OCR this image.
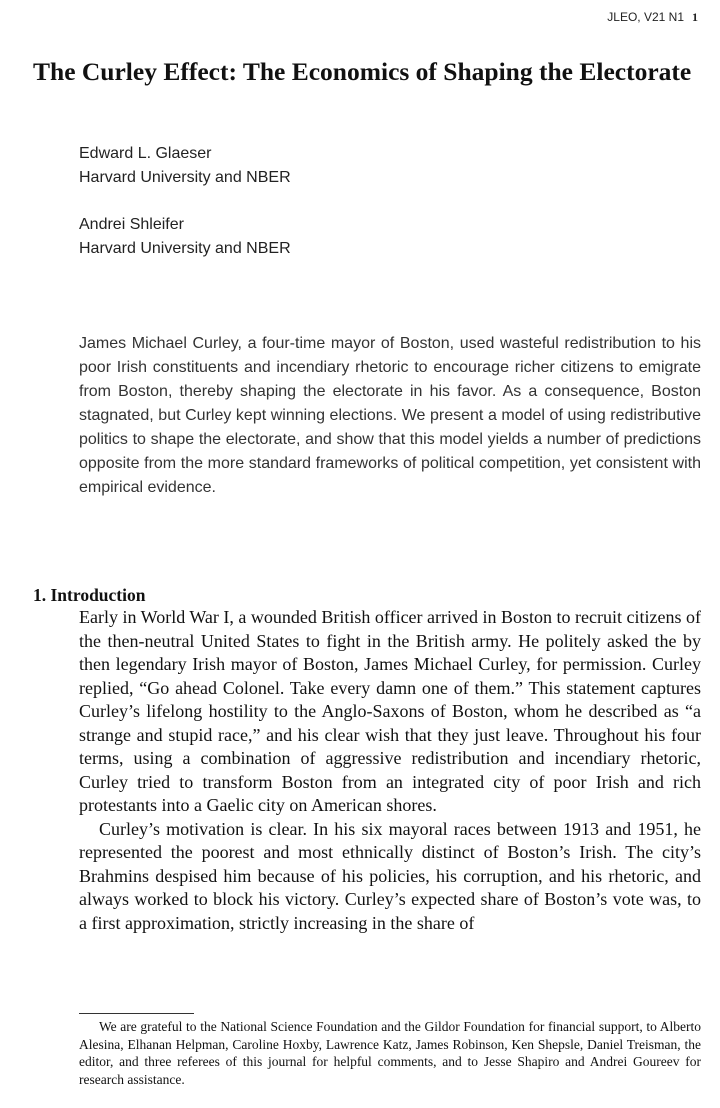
JLEO, V21 N1 1
The Curley Effect: The Economics of Shaping the Electorate
Edward L. Glaeser
Harvard University and NBER
Andrei Shleifer
Harvard University and NBER

James Michael Curley, a four-time mayor of Boston, used wasteful redistribution to his poor Irish constituents and incendiary rhetoric to encourage richer citizens to emigrate from Boston, thereby shaping the electorate in his favor. As a consequence, Boston stagnated, but Curley kept winning elections. We present a model of using redistributive politics to shape the electorate, and show that this model yields a number of predictions opposite from the more standard frameworks of political competition, yet consistent with empirical evidence.

1. Introduction

Early in World War I, a wounded British officer arrived in Boston to recruit citizens of the then-neutral United States to fight in the British army. He politely asked the by then legendary Irish mayor of Boston, James Michael Curley, for permission. Curley replied, “Go ahead Colonel. Take every damn one of them.” This statement captures Curley’s lifelong hostility to the Anglo-Saxons of Boston, whom he described as “a strange and stupid race,” and his clear wish that they just leave. Throughout his four terms, using a combination of aggressive redistribution and incendiary rhetoric, Curley tried to transform Boston from an integrated city of poor Irish and rich protestants into a Gaelic city on American shores.

Curley’s motivation is clear. In his six mayoral races between 1913 and 1951, he represented the poorest and most ethnically distinct of Boston’s Irish. The city’s Brahmins despised him because of his policies, his corruption, and his rhetoric, and always worked to block his victory. Curley’s expected share of Boston’s vote was, to a first approximation, strictly increasing in the share of

We are grateful to the National Science Foundation and the Gildor Foundation for financial support, to Alberto Alesina, Elhanan Helpman, Caroline Hoxby, Lawrence Katz, James Robinson, Ken Shepsle, Daniel Treisman, the editor, and three referees of this journal for helpful comments, and to Jesse Shapiro and Andrei Goureev for research assistance.
